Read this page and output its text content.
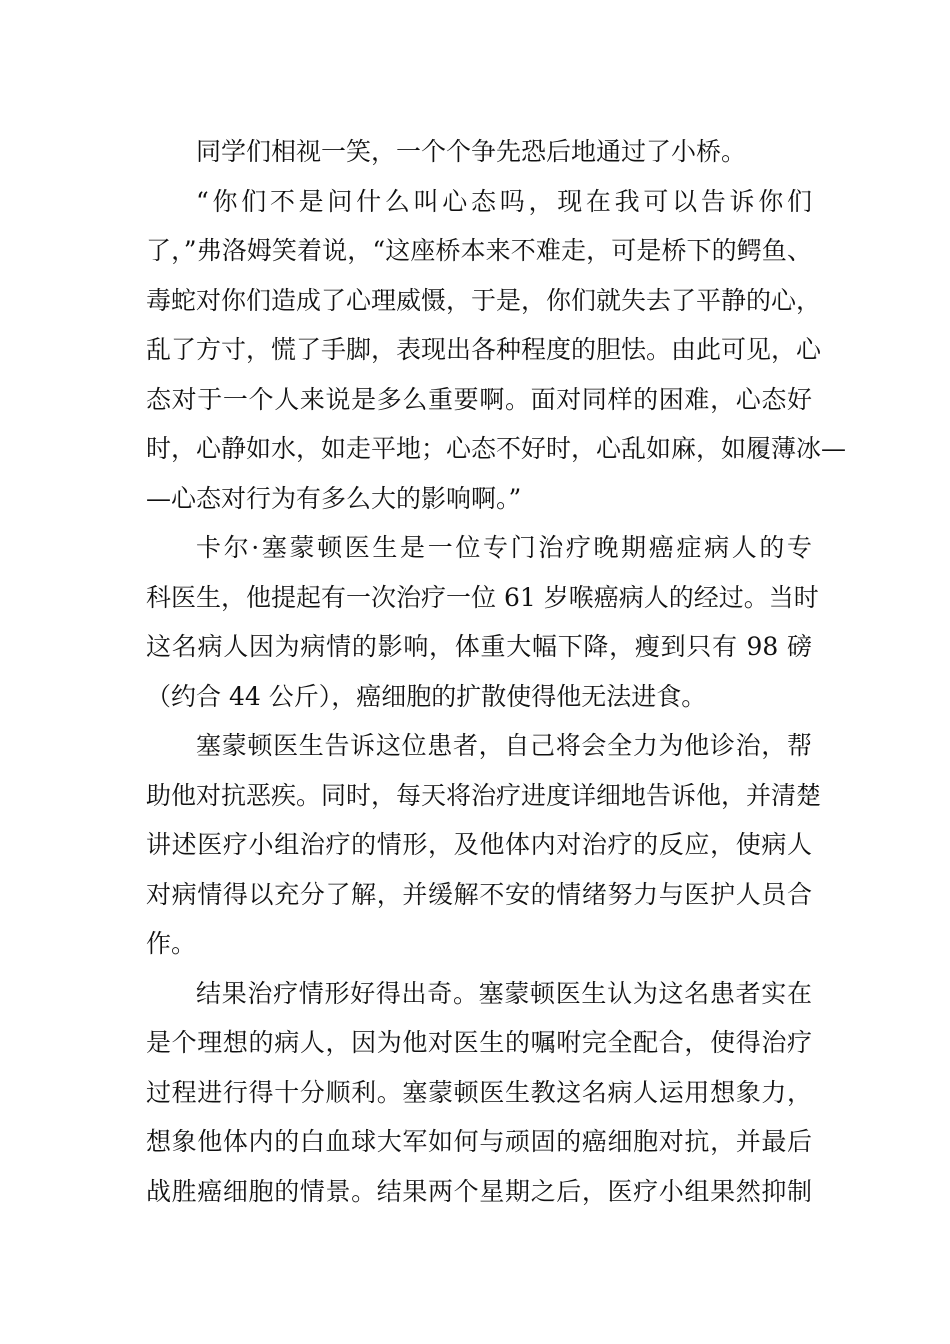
同学们相视一笑，一个个争先恐后地通过了小桥。
“你们不是问什么叫心态吗，现在我可以告诉你们
了，”弗洛姆笑着说，“这座桥本来不难走，可是桥下的鳄鱼、
毒蛇对你们造成了心理威慑，于是，你们就失去了平静的心，
乱了方寸，慌了手脚，表现出各种程度的胆怯。由此可见，心
态对于一个人来说是多么重要啊。面对同样的困难，心态好
时，心静如水，如走平地；心态不好时，心乱如麻，如履薄冰—
—心态对行为有多么大的影响啊。”
卡尔·塞蒙顿医生是一位专门治疗晚期癌症病人的专
科医生，他提起有一次治疗一位 61 岁喉癌病人的经过。当时
这名病人因为病情的影响，体重大幅下降，瘦到只有 98 磅
（约合 44 公斤），癌细胞的扩散使得他无法进食。
塞蒙顿医生告诉这位患者，自己将会全力为他诊治，帮
助他对抗恶疾。同时，每天将治疗进度详细地告诉他，并清楚
讲述医疗小组治疗的情形，及他体内对治疗的反应，使病人
对病情得以充分了解，并缓解不安的情绪努力与医护人员合
作。
结果治疗情形好得出奇。塞蒙顿医生认为这名患者实在
是个理想的病人，因为他对医生的嘱咐完全配合，使得治疗
过程进行得十分顺利。塞蒙顿医生教这名病人运用想象力，
想象他体内的白血球大军如何与顽固的癌细胞对抗，并最后
战胜癌细胞的情景。结果两个星期之后，医疗小组果然抑制
